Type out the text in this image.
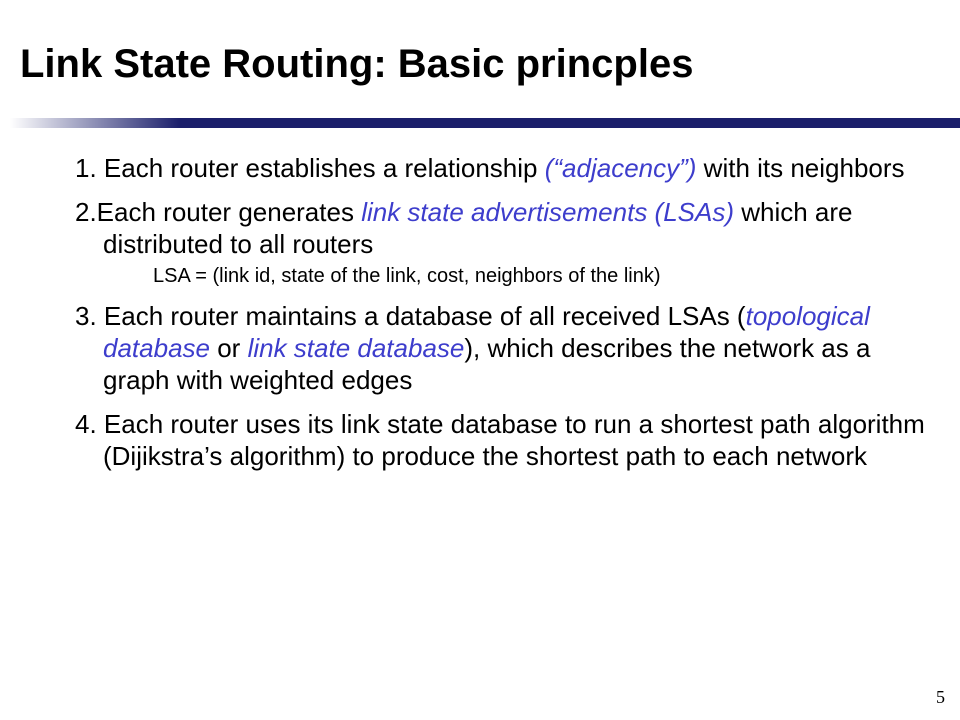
Link State Routing: Basic princples

1. Each router establishes a relationship (“adjacency”) with its neighbors

2.Each router generates link state advertisements (LSAs) which are distributed to all routers

LSA = (link id, state of the link, cost, neighbors of the link)

3. Each router maintains a database of all received LSAs (topological database or link state database), which describes the network as a graph with weighted edges

4. Each router uses its link state database to run a shortest path algorithm (Dijikstra’s algorithm) to produce the shortest path to each network

5
